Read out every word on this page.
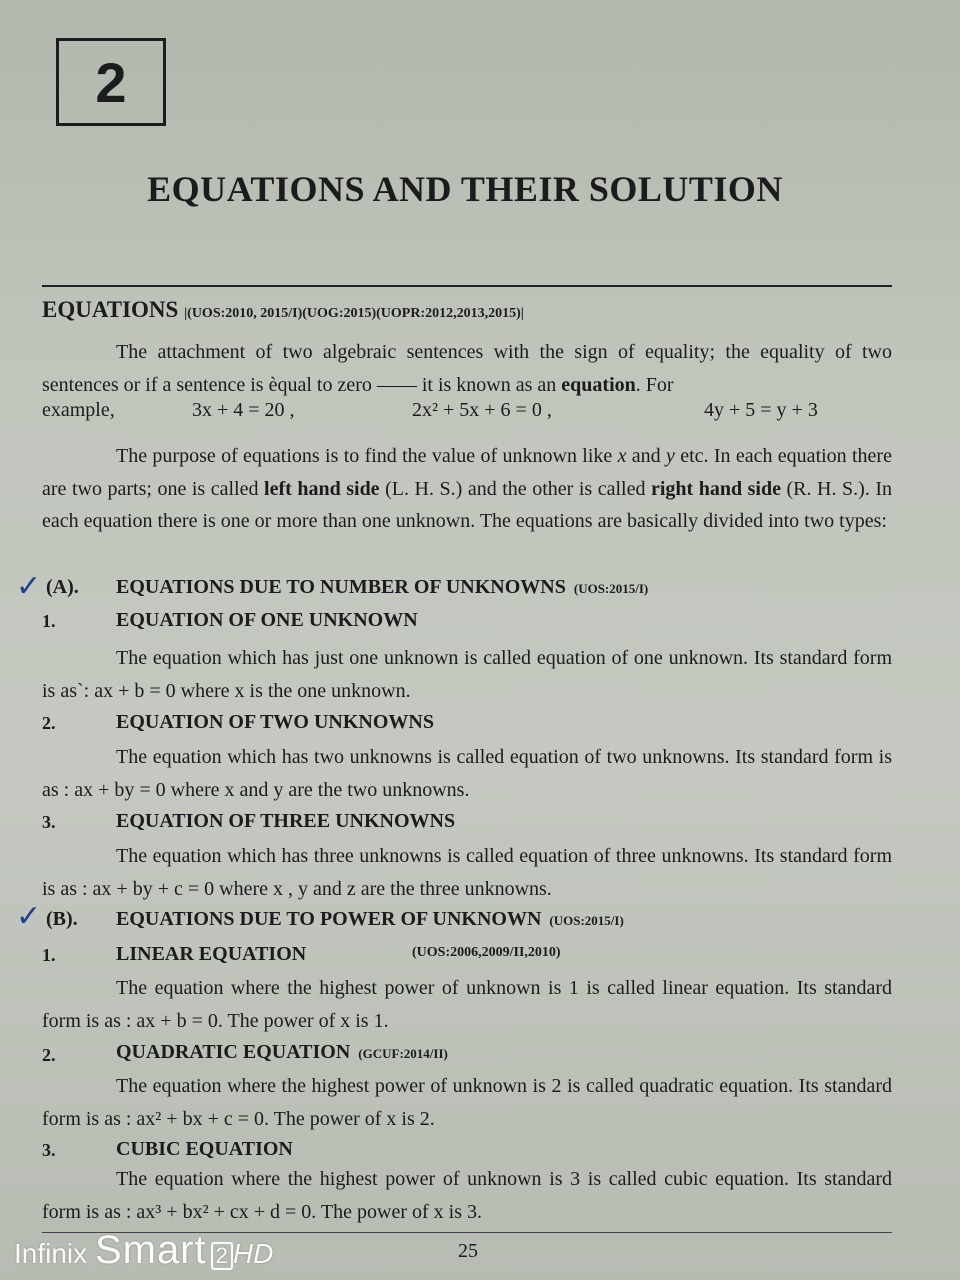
2
EQUATIONS AND THEIR SOLUTION
EQUATIONS |(UOS:2010, 2015/I)(UOG:2015)(UOPR:2012,2013,2015)|
The attachment of two algebraic sentences with the sign of equality; the equality of two sentences or if a sentence is èqual to zero —— it is known as an equation. For
example,	3x + 4 = 20 ,	2x² + 5x + 6 = 0 ,	4y + 5 = y + 3
The purpose of equations is to find the value of unknown like x and y etc. In each equation there are two parts; one is called left hand side (L. H. S.) and the other is called right hand side (R. H. S.). In each equation there is one or more than one unknown. The equations are basically divided into two types:
✓ (A). EQUATIONS DUE TO NUMBER OF UNKNOWNS (UOS:2015/I)
1.	EQUATION OF ONE UNKNOWN
The equation which has just one unknown is called equation of one unknown. Its standard form is as`: ax + b = 0 where x is the one unknown.
2.	EQUATION OF TWO UNKNOWNS
The equation which has two unknowns is called equation of two unknowns. Its standard form is as : ax + by = 0 where x and y are the two unknowns.
3.	EQUATION OF THREE UNKNOWNS
The equation which has three unknowns is called equation of three unknowns. Its standard form is as : ax + by + c = 0 where x , y and z are the three unknowns.
✓ (B). EQUATIONS DUE TO POWER OF UNKNOWN (UOS:2015/I)
1.	LINEAR EQUATION	(UOS:2006,2009/II,2010)
The equation where the highest power of unknown is 1 is called linear equation. Its standard form is as : ax + b = 0. The power of x is 1.
2.	QUADRATIC EQUATION (GCUF:2014/II)
The equation where the highest power of unknown is 2 is called quadratic equation. Its standard form is as : ax² + bx + c = 0. The power of x is 2.
3.	CUBIC EQUATION
The equation where the highest power of unknown is 3 is called cubic equation. Its standard form is as : ax³ + bx² + cx + d = 0. The power of x is 3.
25
Infinix Smart 2 HD
